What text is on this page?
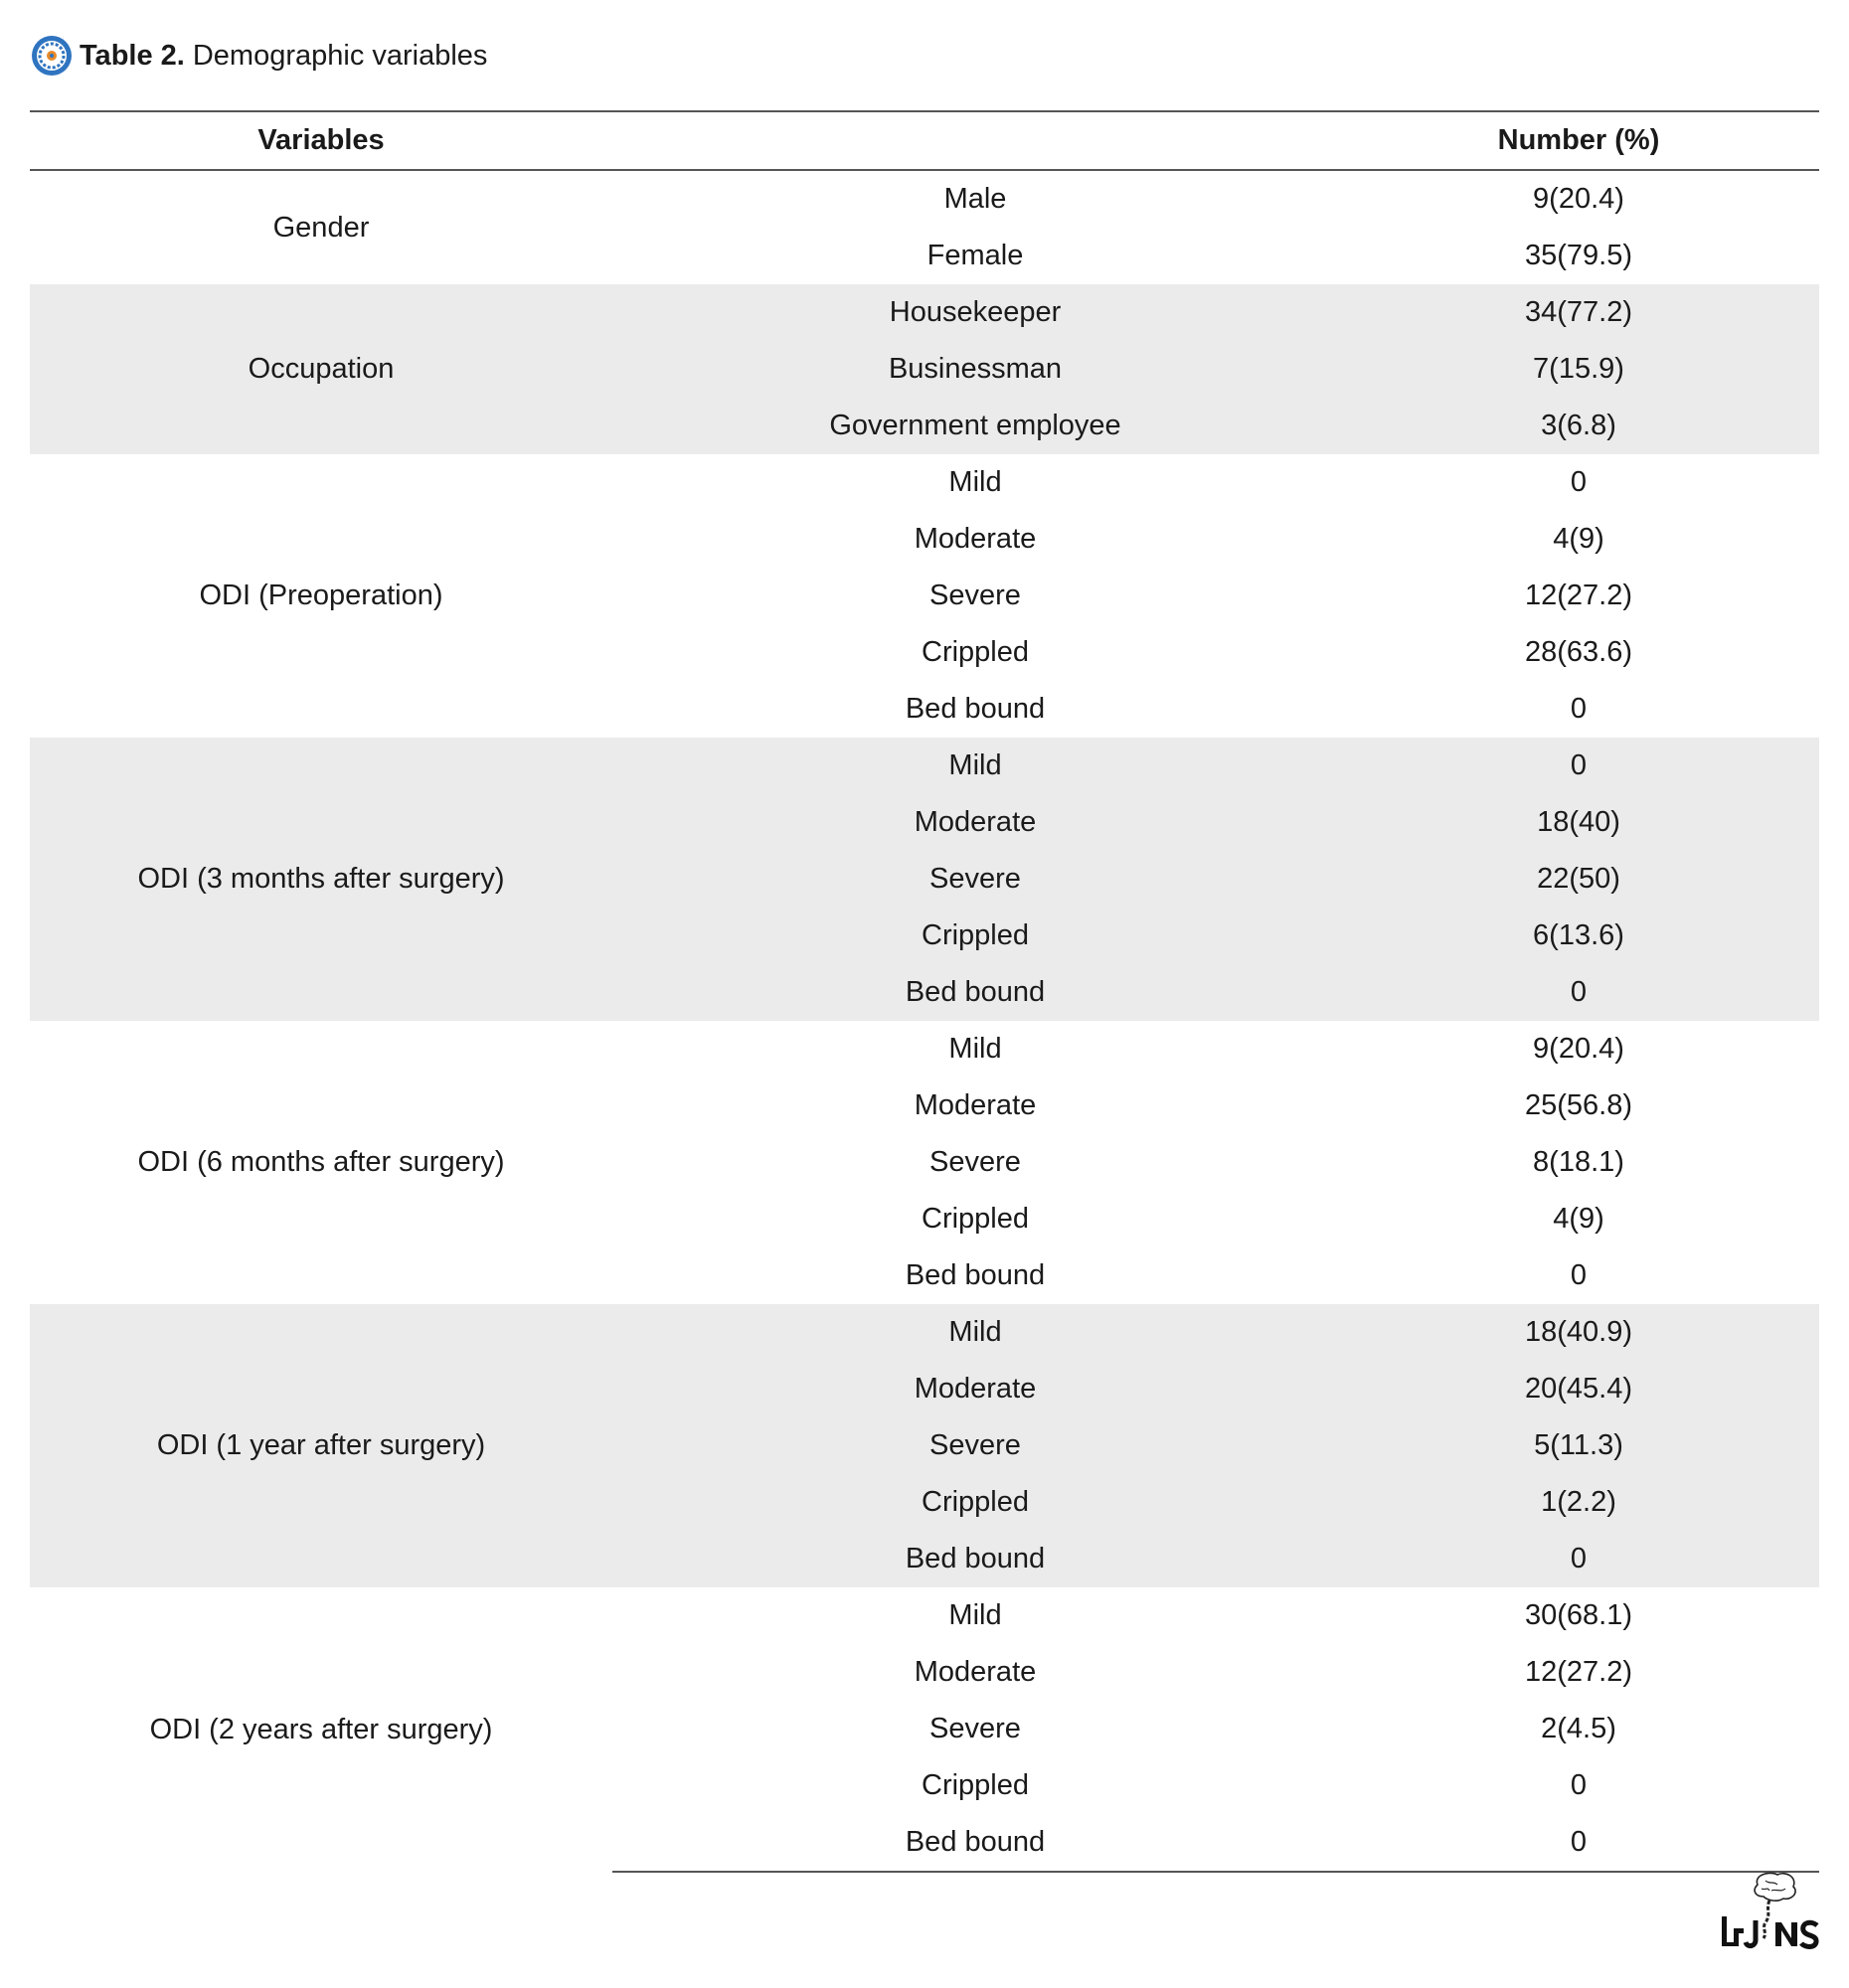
Table 2. Demographic variables
Variables		Number (%)
Gender	Male	9(20.4)
	Female	35(79.5)
Occupation	Housekeeper	34(77.2)
	Businessman	7(15.9)
	Government employee	3(6.8)
ODI (Preoperation)	Mild	0
	Moderate	4(9)
	Severe	12(27.2)
	Crippled	28(63.6)
	Bed bound	0
ODI (3 months after surgery)	Mild	0
	Moderate	18(40)
	Severe	22(50)
	Crippled	6(13.6)
	Bed bound	0
ODI (6 months after surgery)	Mild	9(20.4)
	Moderate	25(56.8)
	Severe	8(18.1)
	Crippled	4(9)
	Bed bound	0
ODI (1 year after surgery)	Mild	18(40.9)
	Moderate	20(45.4)
	Severe	5(11.3)
	Crippled	1(2.2)
	Bed bound	0
ODI (2 years after surgery)	Mild	30(68.1)
	Moderate	12(27.2)
	Severe	2(4.5)
	Crippled	0
	Bed bound	0
